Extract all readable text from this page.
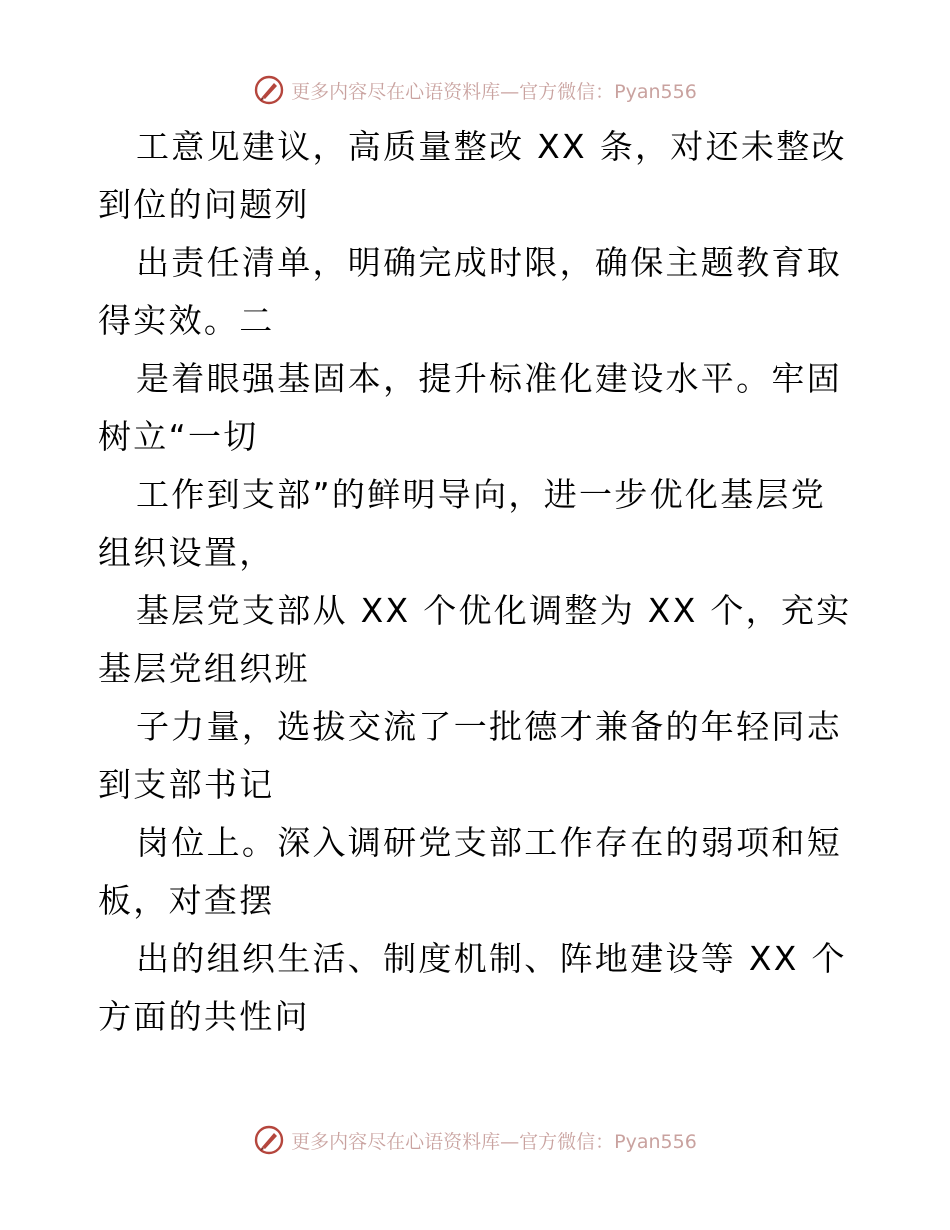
更多内容尽在心语资料库—官方微信：Pyan556

工意见建议，高质量整改 XX 条，对还未整改到位的问题列

出责任清单，明确完成时限，确保主题教育取得实效。二

是着眼强基固本，提升标准化建设水平。牢固树立“一切

工作到支部”的鲜明导向，进一步优化基层党组织设置，

基层党支部从 XX 个优化调整为 XX 个，充实基层党组织班

子力量，选拔交流了一批德才兼备的年轻同志到支部书记

岗位上。深入调研党支部工作存在的弱项和短板，对查摆

出的组织生活、制度机制、阵地建设等 XX 个方面的共性问

更多内容尽在心语资料库—官方微信：Pyan556
